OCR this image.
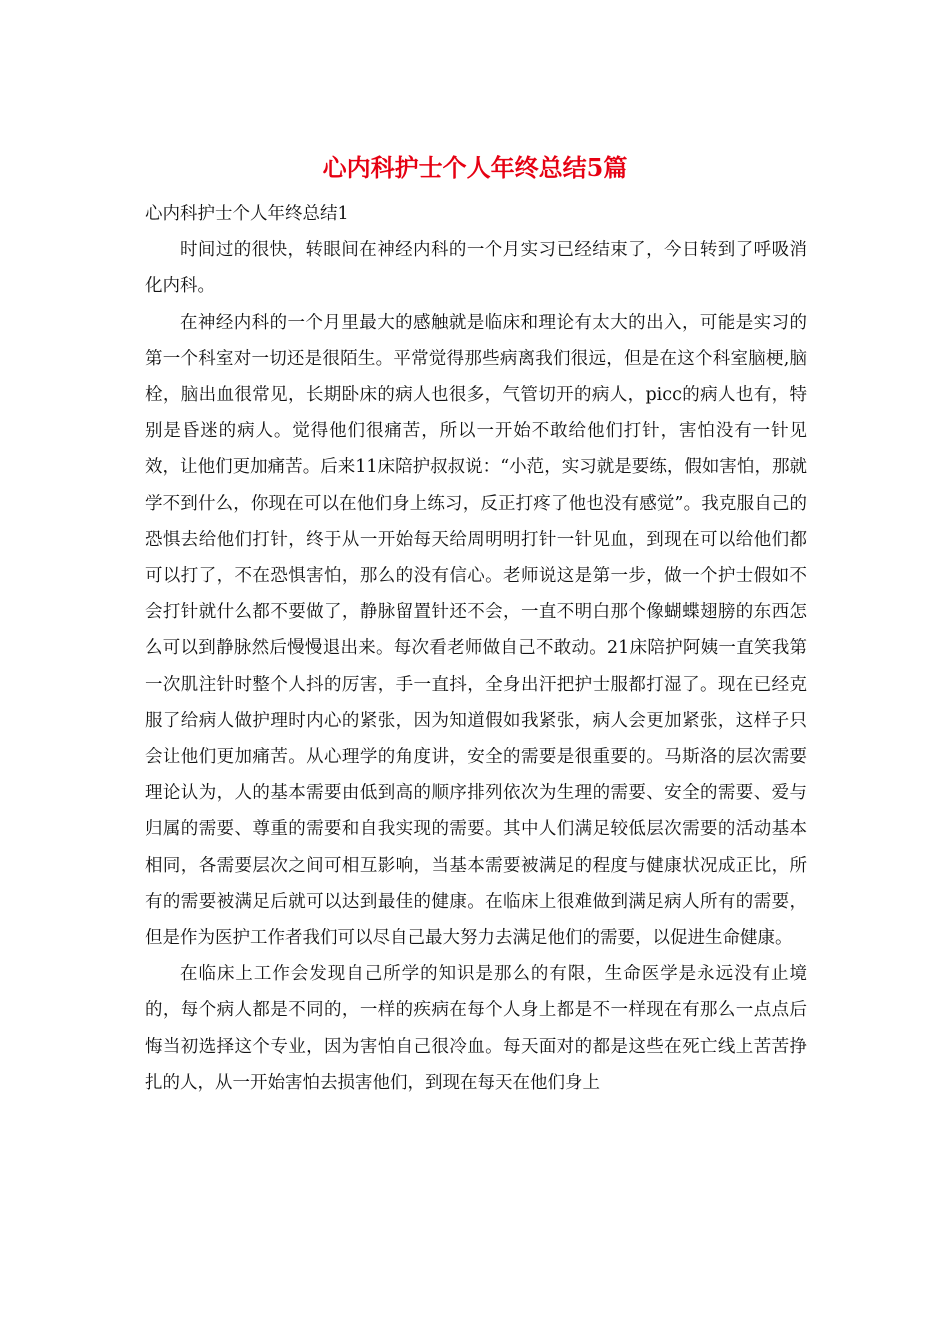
心内科护士个人年终总结5篇

心内科护士个人年终总结1

时间过的很快，转眼间在神经内科的一个月实习已经结束了，今日转到了呼吸消化内科。

在神经内科的一个月里最大的感触就是临床和理论有太大的出入，可能是实习的第一个科室对一切还是很陌生。平常觉得那些病离我们很远，但是在这个科室脑梗,脑栓，脑出血很常见，长期卧床的病人也很多，气管切开的病人，picc的病人也有，特别是昏迷的病人。觉得他们很痛苦，所以一开始不敢给他们打针，害怕没有一针见效，让他们更加痛苦。后来11床陪护叔叔说：“小范，实习就是要练，假如害怕，那就学不到什么，你现在可以在他们身上练习，反正打疼了他也没有感觉”。我克服自己的恐惧去给他们打针，终于从一开始每天给周明明打针一针见血，到现在可以给他们都可以打了，不在恐惧害怕，那么的没有信心。老师说这是第一步，做一个护士假如不会打针就什么都不要做了，静脉留置针还不会，一直不明白那个像蝴蝶翅膀的东西怎么可以到静脉然后慢慢退出来。每次看老师做自己不敢动。21床陪护阿姨一直笑我第一次肌注针时整个人抖的厉害，手一直抖，全身出汗把护士服都打湿了。现在已经克服了给病人做护理时内心的紧张，因为知道假如我紧张，病人会更加紧张，这样子只会让他们更加痛苦。从心理学的角度讲，安全的需要是很重要的。马斯洛的层次需要理论认为，人的基本需要由低到高的顺序排列依次为生理的需要、安全的需要、爱与归属的需要、尊重的需要和自我实现的需要。其中人们满足较低层次需要的活动基本相同，各需要层次之间可相互影响，当基本需要被满足的程度与健康状况成正比，所有的需要被满足后就可以达到最佳的健康。在临床上很难做到满足病人所有的需要，但是作为医护工作者我们可以尽自己最大努力去满足他们的需要，以促进生命健康。

在临床上工作会发现自己所学的知识是那么的有限，生命医学是永远没有止境的，每个病人都是不同的，一样的疾病在每个人身上都是不一样现在有那么一点点后悔当初选择这个专业，因为害怕自己很冷血。每天面对的都是这些在死亡线上苦苦挣扎的人，从一开始害怕去损害他们，到现在每天在他们身上
